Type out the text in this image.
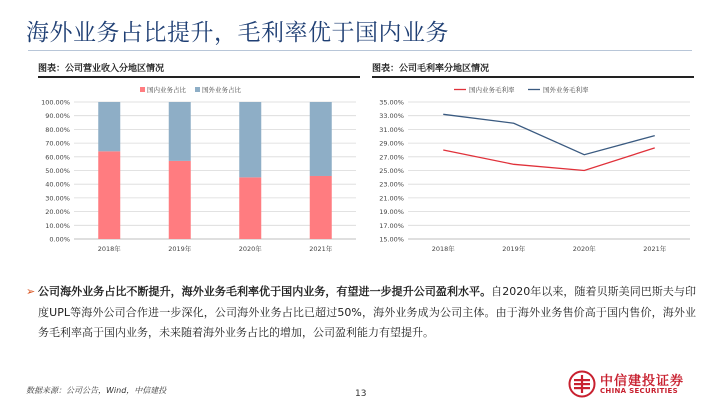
海外业务占比提升，毛利率优于国内业务
图表：公司营业收入分地区情况
0.00%
10.00%
20.00%
30.00%
40.00%
50.00%
60.00%
70.00%
80.00%
90.00%
100.00%
2018年	2019年	2020年	2021年
国内业务占比 国外业务占比
图表：公司毛利率分地区情况
15.00%
17.00%
19.00%
21.00%
23.00%
25.00%
27.00%
29.00%
31.00%
33.00%
35.00%
2018年	2019年	2020年	2021年
国内业务毛利率	国外业务毛利率
➢ 公司海外业务占比不断提升，海外业务毛利率优于国内业务，有望进一步提升公司盈利水平。自2020年以来，随着贝斯美同巴斯夫与印度UPL等海外公司合作进一步深化，公司海外业务占比已超过50%，海外业务成为公司主体。由于海外业务售价高于国内售价，海外业务毛利率高于国内业务，未来随着海外业务占比的增加，公司盈利能力有望提升。
数据来源：公司公告，Wind，中信建投	13
中信建投证券
CHINA SECURITIES
